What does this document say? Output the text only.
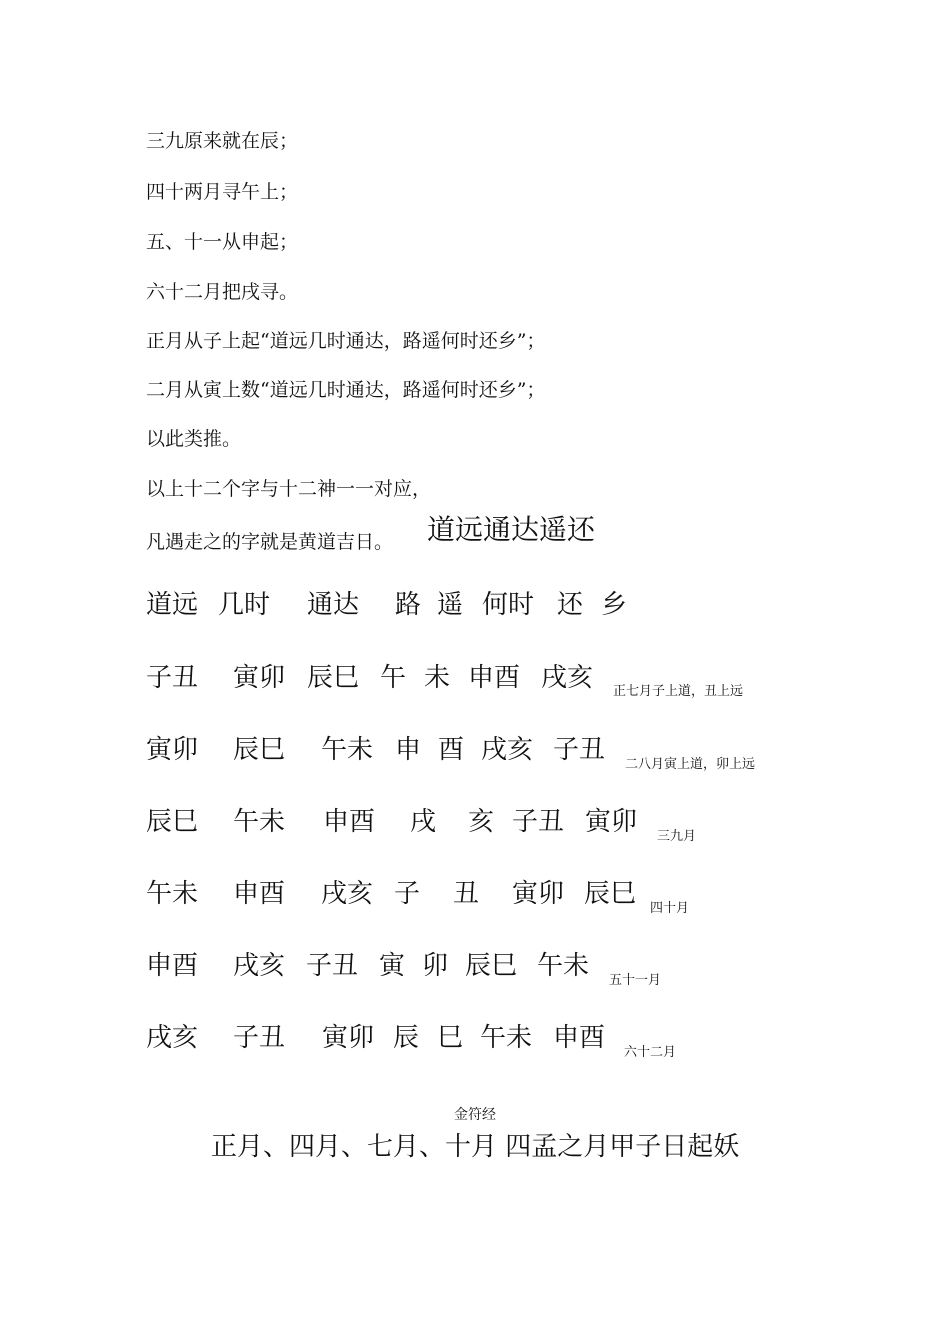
三九原来就在辰；
四十两月寻午上；
五、十一从申起；
六十二月把戌寻。
正月从子上起“道远几时通达，路遥何时还乡”；
二月从寅上数“道远几时通达，路遥何时还乡”；
以此类推。
以上十二个字与十二神一一对应，
凡遇走之的字就是黄道吉日。 道远通达遥还
道远 几时 通达 路 遥 何时 还 乡
子丑 寅卯 辰巳 午 未 申酉 戌亥 正七月子上道，丑上远
寅卯 辰巳 午未 申 酉 戌亥 子丑 二八月寅上道，卯上远
辰巳 午未 申酉 戌 亥 子丑 寅卯 三九月
午未 申酉 戌亥 子 丑 寅卯 辰巳 四十月
申酉 戌亥 子丑 寅 卯 辰巳 午未 五十一月
戌亥 子丑 寅卯 辰 巳 午未 申酉 六十二月
金符经
正月、四月、七月、十月 四孟之月甲子日起妖
